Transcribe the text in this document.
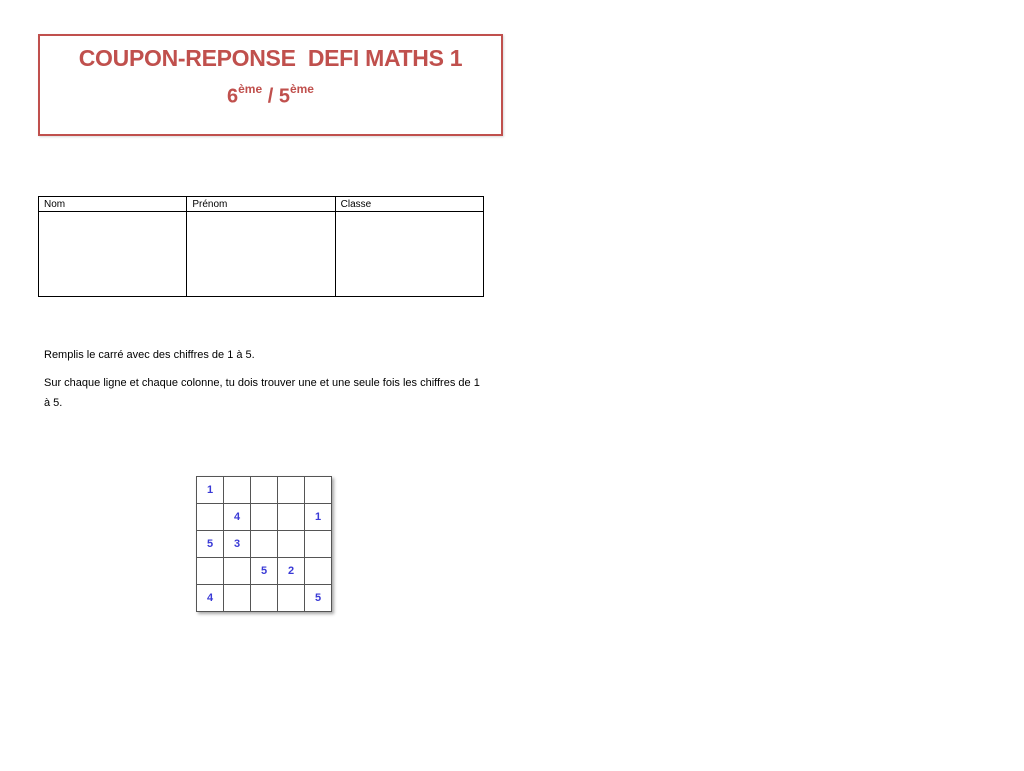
COUPON-REPONSE  DEFI MATHS 1
6ème / 5ème
Nom	Prénom	Classe

Remplis le carré avec des chiffres de 1 à 5.

Sur chaque ligne et chaque colonne, tu dois trouver une et une seule fois les chiffres de 1 à 5.

1				
	4			1
5	3			
		5	2	
4				5
